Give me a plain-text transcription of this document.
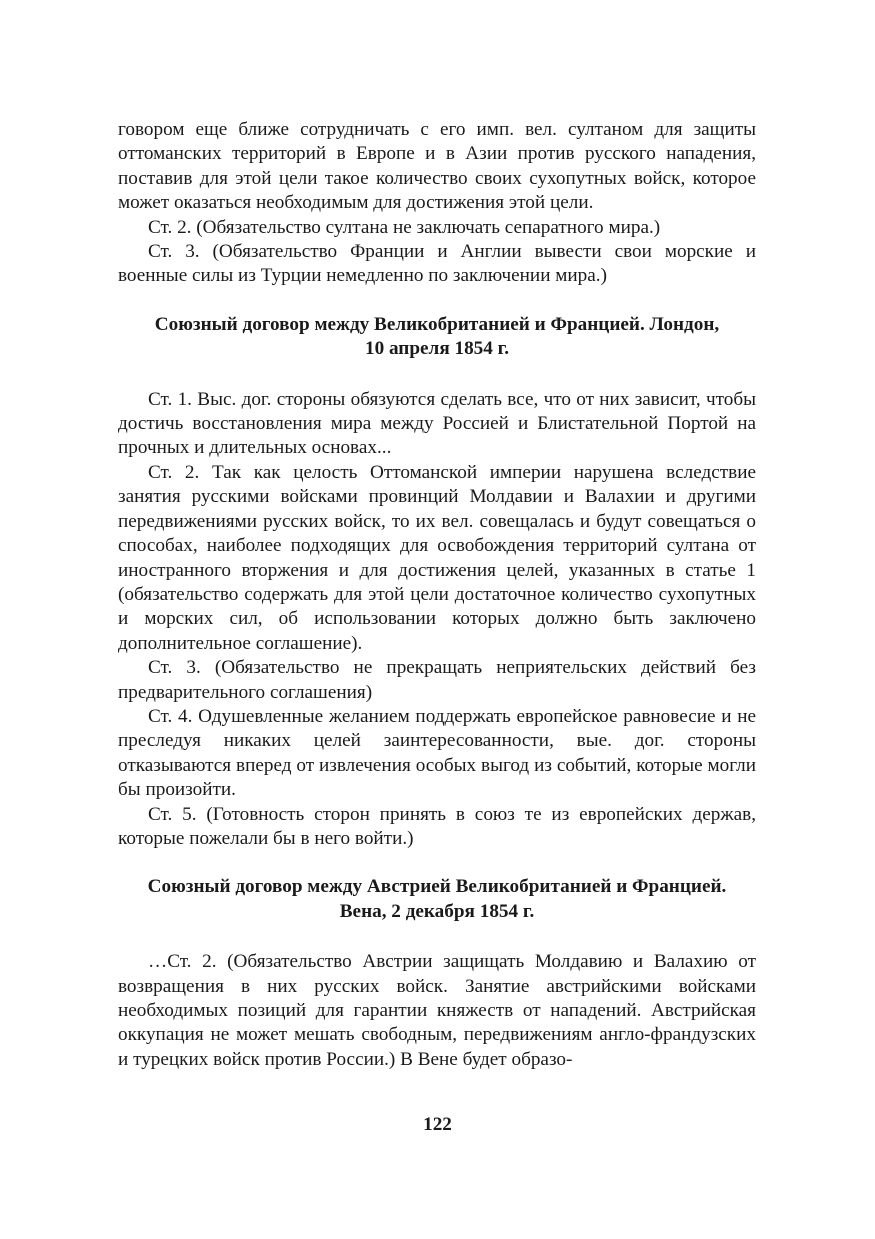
говором еще ближе сотрудничать с его имп. вел. султаном для защиты оттоманских территорий в Европе и в Азии против русского нападения, поставив для этой цели такое количество своих сухопутных войск, которое может оказаться необходимым для достижения этой цели.

Ст. 2. (Обязательство султана не заключать сепаратного мира.)

Ст. 3. (Обязательство Франции и Англии вывести свои морские и военные силы из Турции немедленно по заключении мира.)

Союзный договор между Великобританией и Францией. Лондон,
10 апреля 1854 г.

Ст. 1. Выс. дог. стороны обязуются сделать все, что от них зависит, чтобы достичь восстановления мира между Россией и Блистательной Портой на прочных и длительных основах...

Ст. 2. Так как целость Оттоманской империи нарушена вследствие занятия русскими войсками провинций Молдавии и Валахии и другими передвижениями русских войск, то их вел. совещалась и будут совещаться о способах, наиболее подходящих для освобождения территорий султана от иностранного вторжения и для достижения целей, указанных в статье 1 (обязательство содержать для этой цели достаточное количество сухопутных и морских сил, об использовании которых должно быть заключено дополнительное соглашение).

Ст. 3. (Обязательство не прекращать неприятельских действий без предварительного соглашения)

Ст. 4. Одушевленные желанием поддержать европейское равновесие и не преследуя никаких целей заинтересованности, вые. дог. стороны отказываются вперед от извлечения особых выгод из событий, которые могли бы произойти.

Ст. 5. (Готовность сторон принять в союз те из европейских держав, которые пожелали бы в него войти.)

Союзный договор между Австрией Великобританией и Францией.
Вена, 2 декабря 1854 г.

…Ст. 2. (Обязательство Австрии защищать Молдавию и Валахию от возвращения в них русских войск. Занятие австрийскими войсками необходимых позиций для гарантии княжеств от нападений. Австрийская оккупация не может мешать свободным, передвижениям англо-франдузских и турецких войск против России.) В Вене будет образо-

122
